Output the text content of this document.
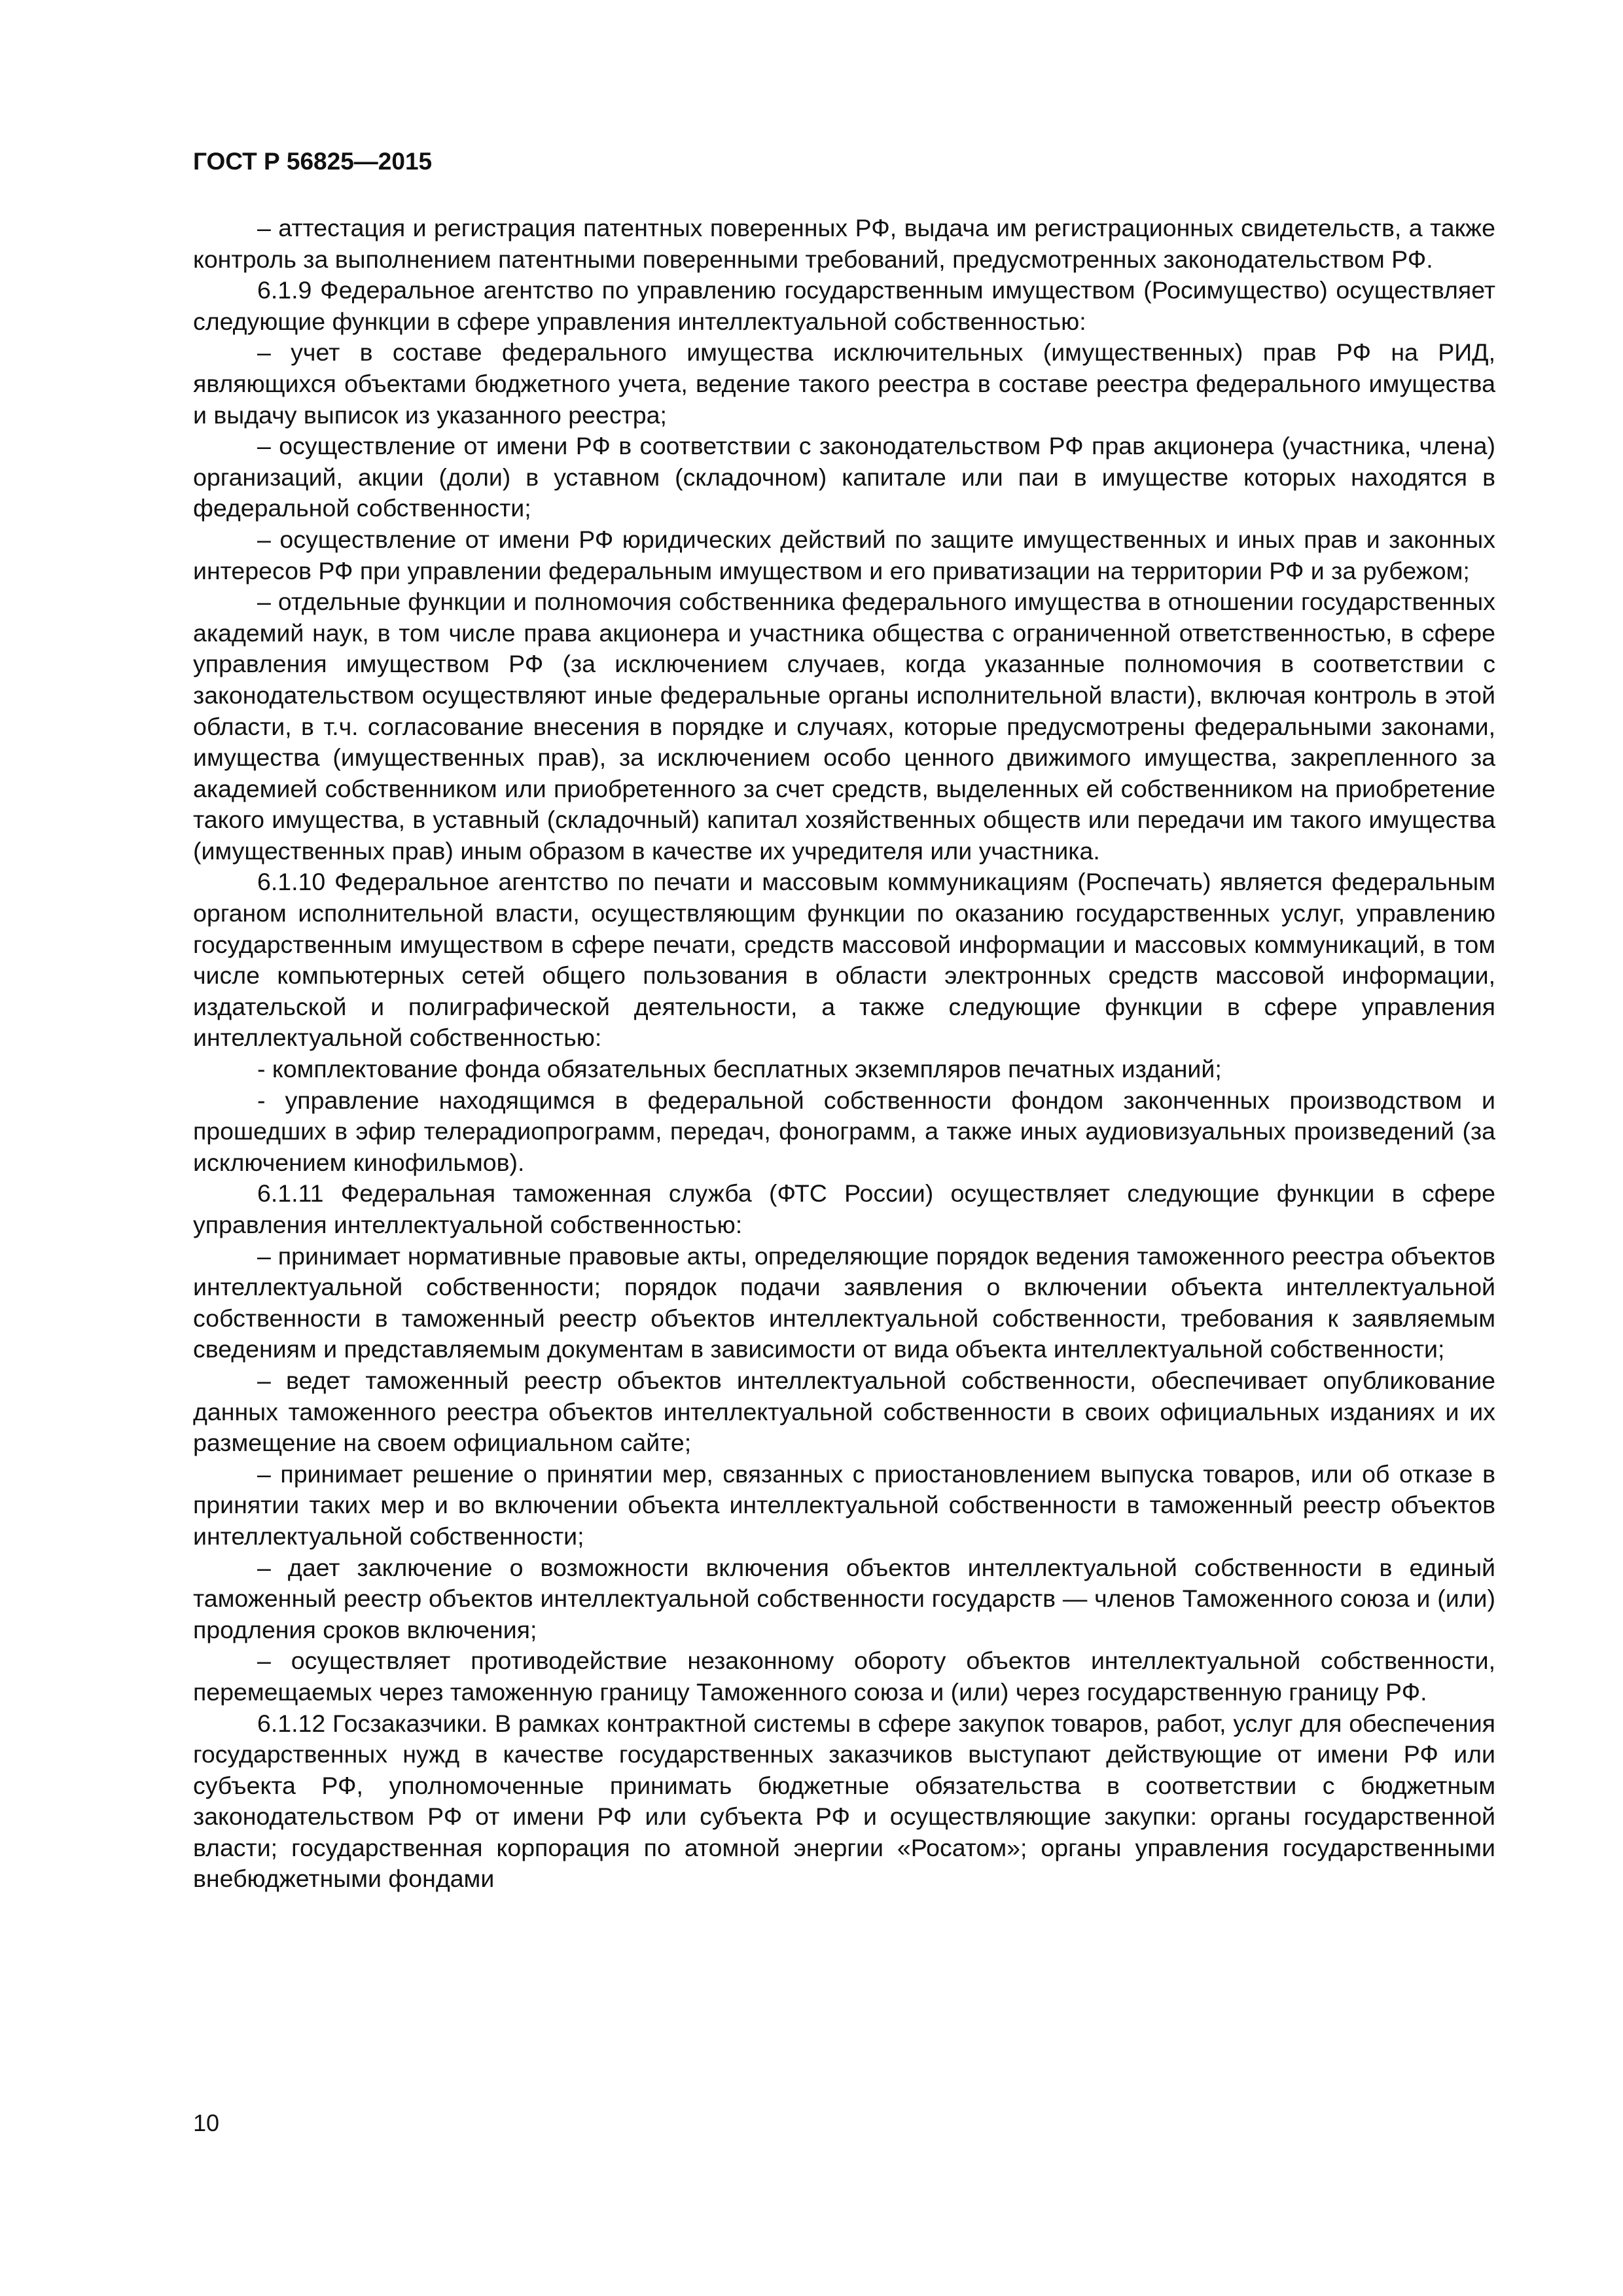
ГОСТ Р 56825—2015

– аттестация и регистрация патентных поверенных РФ, выдача им регистрационных свидетельств, а также контроль за выполнением патентными поверенными требований, предусмотренных законодательством РФ.

6.1.9 Федеральное агентство по управлению государственным имуществом (Росимущество) осуществляет следующие функции в сфере управления интеллектуальной собственностью:

– учет в составе федерального имущества исключительных (имущественных) прав РФ на РИД, являющихся объектами бюджетного учета, ведение такого реестра в составе реестра федерального имущества и выдачу выписок из указанного реестра;

– осуществление от имени РФ в соответствии с законодательством РФ прав акционера (участника, члена) организаций, акции (доли) в уставном (складочном) капитале или паи в имуществе которых находятся в федеральной собственности;

– осуществление от имени РФ юридических действий по защите имущественных и иных прав и законных интересов РФ при управлении федеральным имуществом и его приватизации на территории РФ и за рубежом;

– отдельные функции и полномочия собственника федерального имущества в отношении государственных академий наук, в том числе права акционера и участника общества с ограниченной ответственностью, в сфере управления имуществом РФ (за исключением случаев, когда указанные полномочия в соответствии с законодательством осуществляют иные федеральные органы исполнительной власти), включая контроль в этой области, в т.ч. согласование внесения в порядке и случаях, которые предусмотрены федеральными законами, имущества (имущественных прав), за исключением особо ценного движимого имущества, закрепленного за академией собственником или приобретенного за счет средств, выделенных ей собственником на приобретение такого имущества, в уставный (складочный) капитал хозяйственных обществ или передачи им такого имущества (имущественных прав) иным образом в качестве их учредителя или участника.

6.1.10 Федеральное агентство по печати и массовым коммуникациям (Роспечать) является федеральным органом исполнительной власти, осуществляющим функции по оказанию государственных услуг, управлению государственным имуществом в сфере печати, средств массовой информации и массовых коммуникаций, в том числе компьютерных сетей общего пользования в области электронных средств массовой информации, издательской и полиграфической деятельности, а также следующие функции в сфере управления интеллектуальной собственностью:

- комплектование фонда обязательных бесплатных экземпляров печатных изданий;

- управление находящимся в федеральной собственности фондом законченных производством и прошедших в эфир телерадиопрограмм, передач, фонограмм, а также иных аудиовизуальных произведений (за исключением кинофильмов).

6.1.11 Федеральная таможенная служба (ФТС России) осуществляет следующие функции в сфере управления интеллектуальной собственностью:

– принимает нормативные правовые акты, определяющие порядок ведения таможенного реестра объектов интеллектуальной собственности; порядок подачи заявления о включении объекта интеллектуальной собственности в таможенный реестр объектов интеллектуальной собственности, требования к заявляемым сведениям и представляемым документам в зависимости от вида объекта интеллектуальной собственности;

– ведет таможенный реестр объектов интеллектуальной собственности, обеспечивает опубликование данных таможенного реестра объектов интеллектуальной собственности в своих официальных изданиях и их размещение на своем официальном сайте;

– принимает решение о принятии мер, связанных с приостановлением выпуска товаров, или об отказе в принятии таких мер и во включении объекта интеллектуальной собственности в таможенный реестр объектов интеллектуальной собственности;

– дает заключение о возможности включения объектов интеллектуальной собственности в единый таможенный реестр объектов интеллектуальной собственности государств — членов Таможенного союза и (или) продления сроков включения;

– осуществляет противодействие незаконному обороту объектов интеллектуальной собственности, перемещаемых через таможенную границу Таможенного союза и (или) через государственную границу РФ.

6.1.12 Госзаказчики. В рамках контрактной системы в сфере закупок товаров, работ, услуг для обеспечения государственных нужд в качестве государственных заказчиков выступают действующие от имени РФ или субъекта РФ, уполномоченные принимать бюджетные обязательства в соответствии с бюджетным законодательством РФ от имени РФ или субъекта РФ и осуществляющие закупки: органы государственной власти; государственная корпорация по атомной энергии «Росатом»; органы управления государственными внебюджетными фондами

10
